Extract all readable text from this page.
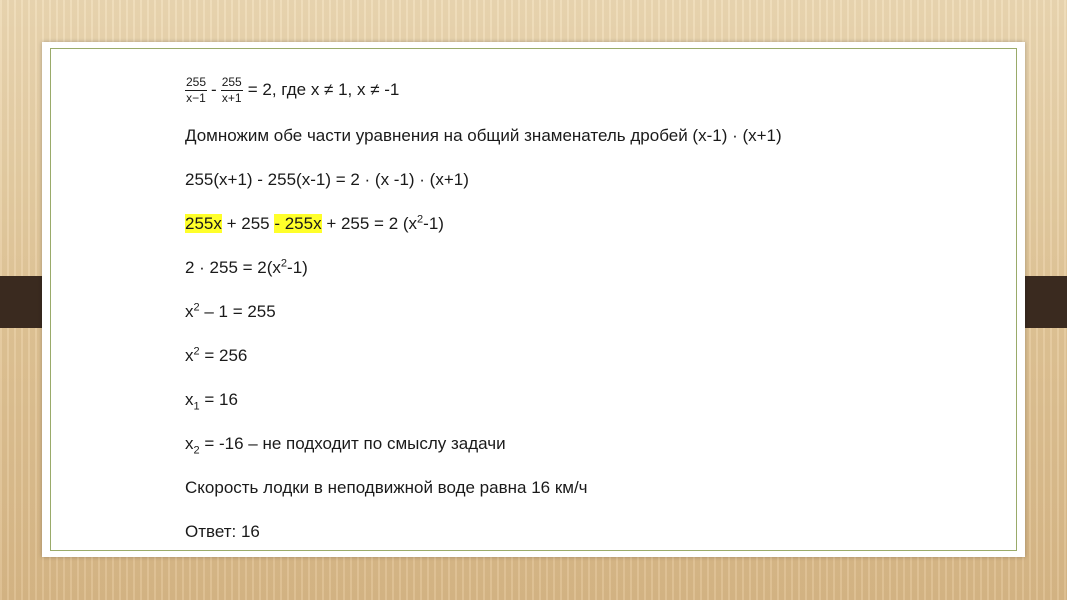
$\frac{255}{x-1} - \frac{255}{x+1} = 2$, где x ≠ 1, x ≠ -1
Домножим обе части уравнения на общий знаменатель дробей (x-1) · (x+1)
255(x+1) - 255(x-1) = 2 · (x -1) · (x+1)
255x + 255 - 255x + 255 = 2 $(x^2-1)$
$2 \cdot 255 = 2(x^2-1)$
$x^2 - 1 = 255$
$x^2 = 256$
$x_1 = 16$
$x_2 = -16$ – не подходит по смыслу задачи
Скорость лодки в неподвижной воде равна 16 км/ч
Ответ: 16
